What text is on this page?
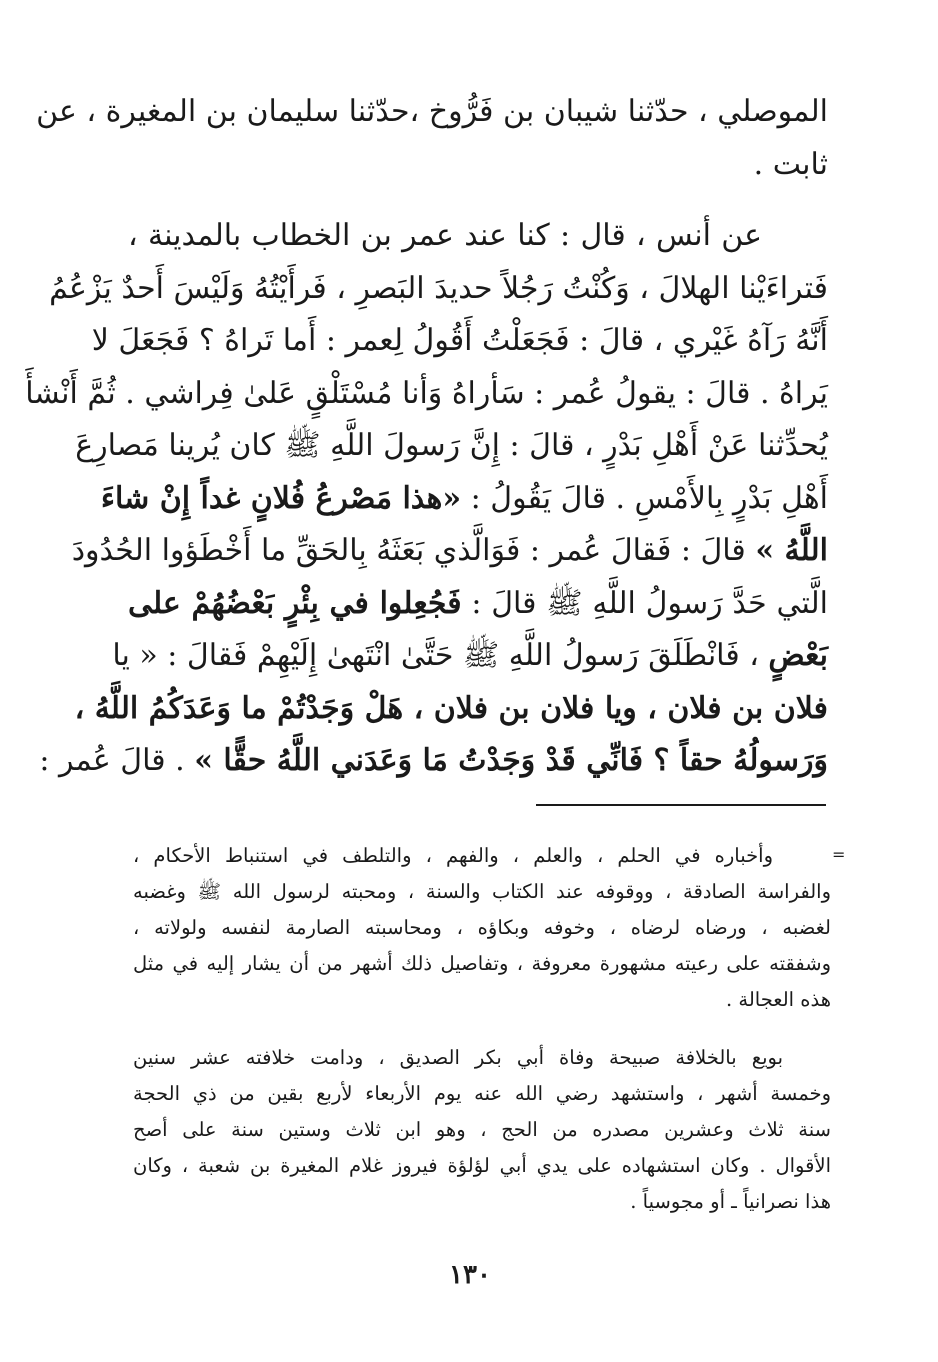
الموصلي ، حدّثنا شيبان بن فَرُّوخ ،حدّثنا سليمان بن المغيرة ، عن
ثابت .
عن أنس ، قال : كنا عند عمر بن الخطاب بالمدينة ،
فَتراءَيْنا الهلالَ ، وَكُنْتُ رَجُلاً حديدَ البَصرِ ، فَرأَيْتُهُ وَلَيْسَ أَحدٌ يَزْعُمُ
أَنَّهُ رَآهُ غَيْري ، قالَ : فَجَعَلْتُ أَقُولُ لِعمر : أَما تَراهُ ؟ فَجَعَلَ لا
يَراهُ . قالَ : يقولُ عُمر : سَأراهُ وَأنا مُسْتَلْقٍ عَلىٰ فِراشي . ثُمَّ أَنْشأَ
يُحدِّثنا عَنْ أَهْلِ بَدْرٍ ، قالَ : إِنَّ رَسولَ اللَّهِ ﷺ كان يُرينا مَصارِعَ
أَهْلِ بَدْرٍ بِالأَمْسِ . قالَ يَقُولُ : «هذا مَصْرعُ فُلانٍ غداً إِنْ شاءَ
اللَّهُ » قالَ : فَقالَ عُمر : فَوَالَّذي بَعَثَهُ بِالحَقِّ ما أَخْطَؤوا الحُدُودَ
الَّتي حَدَّ رَسولُ اللَّهِ ﷺ قالَ : فَجُعِلوا في بِئْرٍ بَعْضُهُمْ على
بَعْضٍ ، فَانْطَلَقَ رَسولُ اللَّهِ ﷺ حَتَّىٰ انْتَهىٰ إِلَيْهِمْ فَقالَ : « يا
فلان بن فلان ، ويا فلان بن فلان ، هَلْ وَجَدْتُمْ ما وَعَدَكُمُ اللَّهُ ،
وَرَسولُهُ حقاً ؟ فَانِّي قَدْ وَجَدْتُ مَا وَعَدَني اللَّهُ حقًّا » . قالَ عُمر :
=
وأخباره في الحلم ، والعلم ، والفهم ، والتلطف في استنباط الأحكام ،
والفراسة الصادقة ، ووقوفه عند الكتاب والسنة ، ومحبته لرسول الله ﷺ وغضبه
لغضبه ، ورضاه لرضاه ، وخوفه وبكاؤه ، ومحاسبته الصارمة لنفسه ولولاته ،
وشفقته على رعيته مشهورة معروفة ، وتفاصيل ذلك أشهر من أن يشار إليه في مثل
هذه العجالة .
بويع بالخلافة صبيحة وفاة أبي بكر الصديق ، ودامت خلافته عشر سنين
وخمسة أشهر ، واستشهد رضي الله عنه يوم الأربعاء لأربع بقين من ذي الحجة
سنة ثلاث وعشرين مصدره من الحج ، وهو ابن ثلاث وستين سنة على أصح
الأقوال . وكان استشهاده على يدي أبي لؤلؤة فيروز غلام المغيرة بن شعبة ، وكان
هذا نصرانياً ـ أو مجوسياً .
١٣٠
